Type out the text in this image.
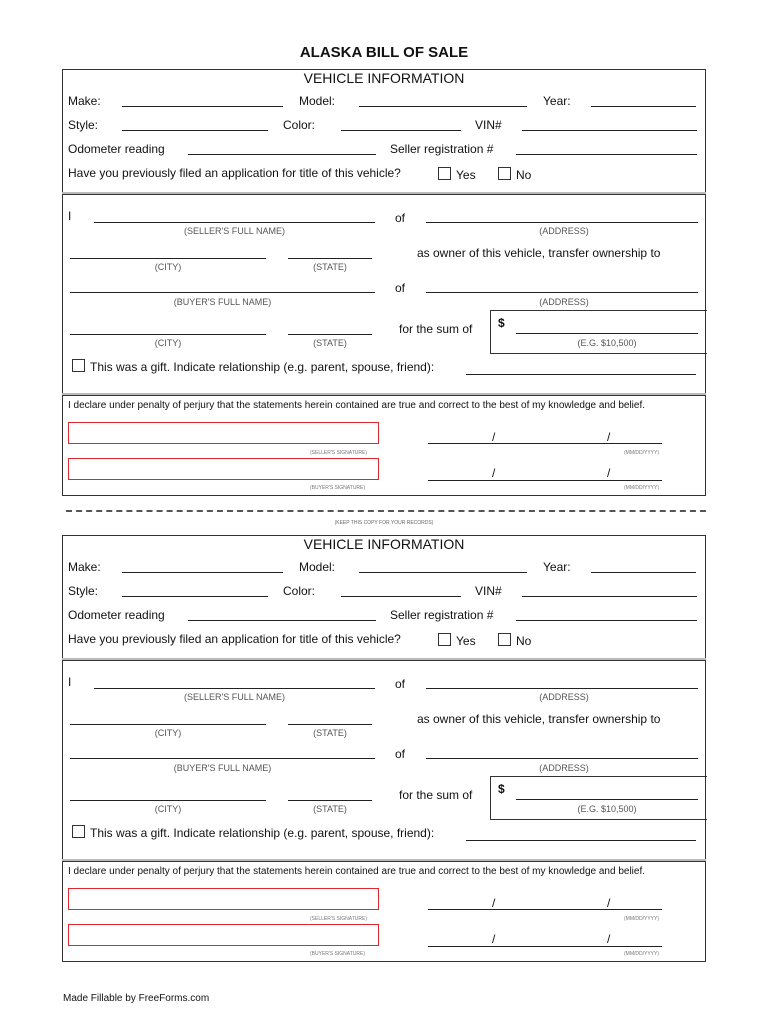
ALASKA BILL OF SALE
VEHICLE INFORMATION
Make:	Model:	Year:
Style:	Color:	VIN#
Odometer reading	Seller registration #
Have you previously filed an application for title of this vehicle?	Yes	No
I
(SELLER'S FULL NAME)
of
(ADDRESS)
(CITY)	(STATE)
as owner of this vehicle, transfer ownership to
(BUYER'S FULL NAME)
of
(ADDRESS)
(CITY)	(STATE)
for the sum of $
(E.G. $10,500)
This was a gift. Indicate relationship (e.g. parent, spouse, friend):
I declare under penalty of perjury that the statements herein contained are true and correct to the best of my knowledge and belief.
(SELLER'S SIGNATURE)
/	/
(MM/DD/YYYY)
(BUYER'S SIGNATURE)
/	/
(MM/DD/YYYY)
(KEEP THIS COPY FOR YOUR RECORDS)
VEHICLE INFORMATION
Make:	Model:	Year:
Style:	Color:	VIN#
Odometer reading	Seller registration #
Have you previously filed an application for title of this vehicle?	Yes	No
I
(SELLER'S FULL NAME)
of
(ADDRESS)
(CITY)	(STATE)
as owner of this vehicle, transfer ownership to
(BUYER'S FULL NAME)
of
(ADDRESS)
(CITY)	(STATE)
for the sum of $
(E.G. $10,500)
This was a gift. Indicate relationship (e.g. parent, spouse, friend):
I declare under penalty of perjury that the statements herein contained are true and correct to the best of my knowledge and belief.
(SELLER'S SIGNATURE)
/	/
(MM/DD/YYYY)
(BUYER'S SIGNATURE)
/	/
(MM/DD/YYYY)
Made Fillable by FreeForms.com
